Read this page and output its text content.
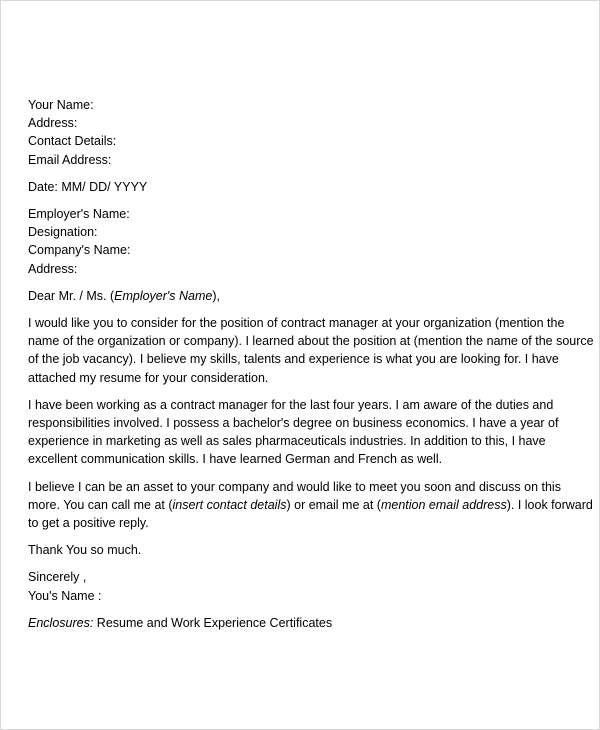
Your Name:
Address:
Contact Details:
Email Address:
Date: MM/ DD/ YYYY
Employer's Name:
Designation:
Company's Name:
Address:
Dear Mr. / Ms. (Employer's Name),
I would like you to consider for the position of contract manager at your organization (mention the
name of the organization or company). I learned about the position at (mention the name of the source
of the job vacancy). I believe my skills, talents and experience is what you are looking for. I have
attached my resume for your consideration.
I have been working as a contract manager for the last four years. I am aware of the duties and
responsibilities involved. I possess a bachelor's degree on business economics. I have a year of
experience in marketing as well as sales pharmaceuticals industries. In addition to this, I have
excellent communication skills. I have learned German and French as well.
I believe I can be an asset to your company and would like to meet you soon and discuss on this
more. You can call me at (insert contact details) or email me at (mention email address). I look forward
to get a positive reply.
Thank You so much.
Sincerely ,
You's Name :
Enclosures: Resume and Work Experience Certificates
